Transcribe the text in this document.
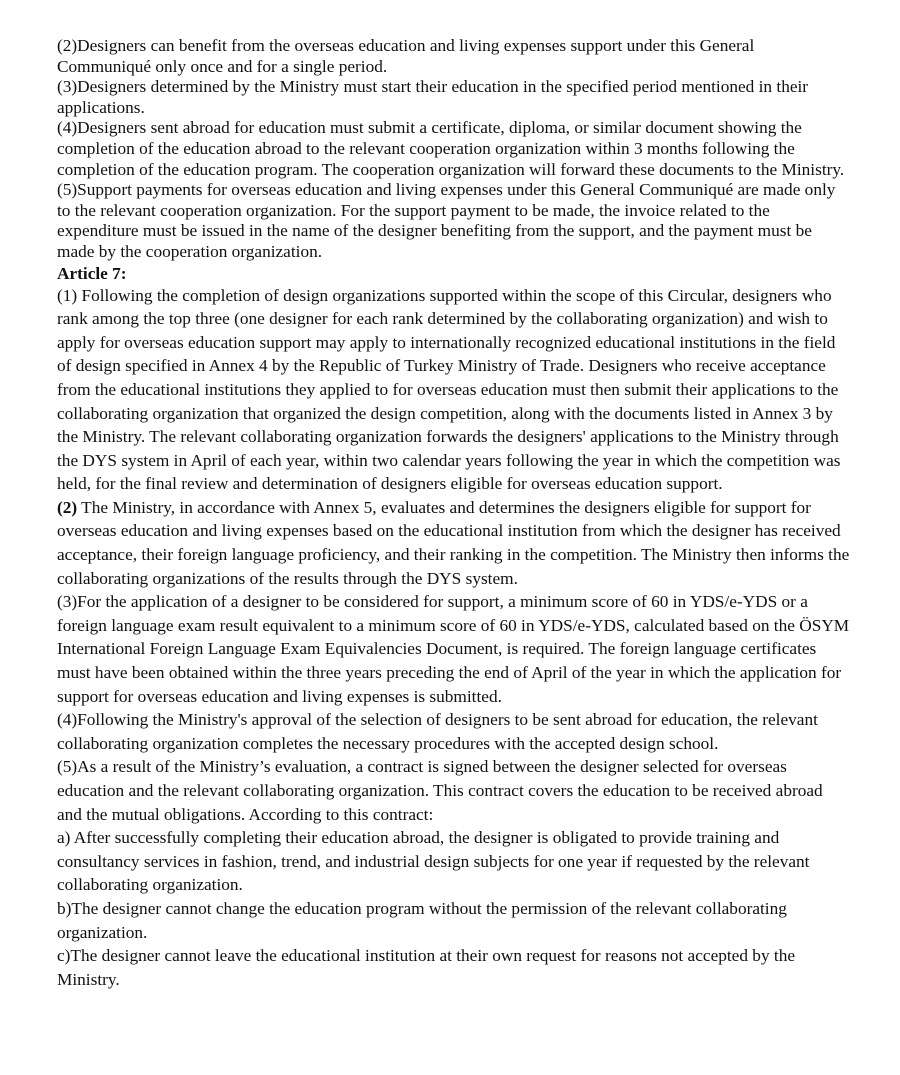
(2)Designers can benefit from the overseas education and living expenses support under this General Communiqué only once and for a single period.

(3)Designers determined by the Ministry must start their education in the specified period mentioned in their applications.

(4)Designers sent abroad for education must submit a certificate, diploma, or similar document showing the completion of the education abroad to the relevant cooperation organization within 3 months following the completion of the education program. The cooperation organization will forward these documents to the Ministry.

(5)Support payments for overseas education and living expenses under this General Communiqué are made only to the relevant cooperation organization. For the support payment to be made, the invoice related to the expenditure must be issued in the name of the designer benefiting from the support, and the payment must be made by the cooperation organization.

Article 7:

(1) Following the completion of design organizations supported within the scope of this Circular, designers who rank among the top three (one designer for each rank determined by the collaborating organization) and wish to apply for overseas education support may apply to internationally recognized educational institutions in the field of design specified in Annex 4 by the Republic of Turkey Ministry of Trade. Designers who receive acceptance from the educational institutions they applied to for overseas education must then submit their applications to the collaborating organization that organized the design competition, along with the documents listed in Annex 3 by the Ministry. The relevant collaborating organization forwards the designers' applications to the Ministry through the DYS system in April of each year, within two calendar years following the year in which the competition was held, for the final review and determination of designers eligible for overseas education support.

(2) The Ministry, in accordance with Annex 5, evaluates and determines the designers eligible for support for overseas education and living expenses based on the educational institution from which the designer has received acceptance, their foreign language proficiency, and their ranking in the competition. The Ministry then informs the collaborating organizations of the results through the DYS system.

(3)For the application of a designer to be considered for support, a minimum score of 60 in YDS/e-YDS or a foreign language exam result equivalent to a minimum score of 60 in YDS/e-YDS, calculated based on the ÖSYM International Foreign Language Exam Equivalencies Document, is required. The foreign language certificates must have been obtained within the three years preceding the end of April of the year in which the application for support for overseas education and living expenses is submitted.

(4)Following the Ministry's approval of the selection of designers to be sent abroad for education, the relevant collaborating organization completes the necessary procedures with the accepted design school.

(5)As a result of the Ministry’s evaluation, a contract is signed between the designer selected for overseas education and the relevant collaborating organization. This contract covers the education to be received abroad and the mutual obligations. According to this contract:

a) After successfully completing their education abroad, the designer is obligated to provide training and consultancy services in fashion, trend, and industrial design subjects for one year if requested by the relevant collaborating organization.

b)The designer cannot change the education program without the permission of the relevant collaborating organization.

c)The designer cannot leave the educational institution at their own request for reasons not accepted by the Ministry.
